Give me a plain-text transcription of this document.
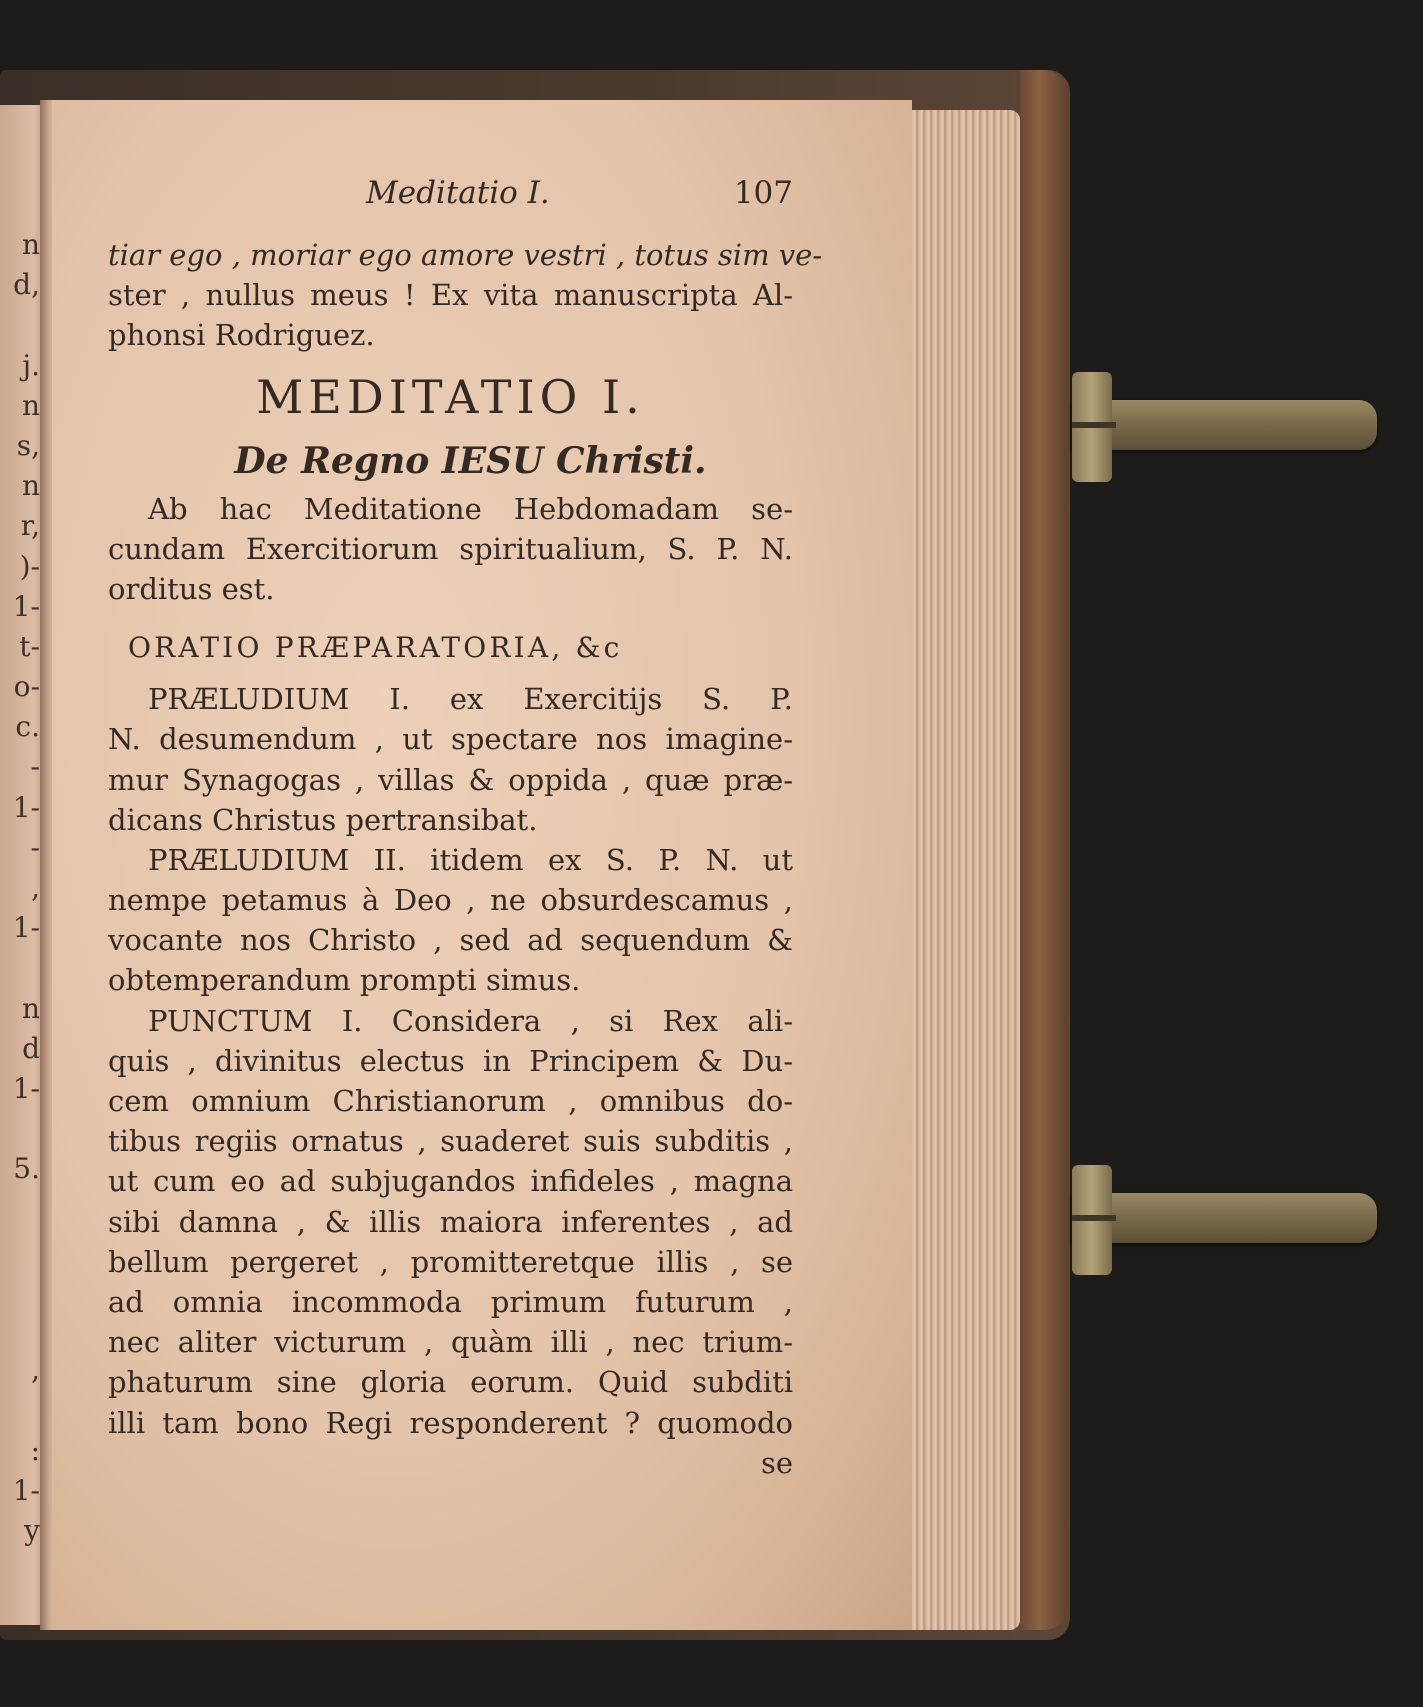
n
d,

j.
n
s,
n
r,
)-
1-
t-
o-
c.
-
1-
-
,
1-

n
d
1-

5.

,

:
1-
y
Meditatio I.	107
tiar ego , moriar ego amore vestri , totus sim ve-
ster , nullus meus ! Ex vita manuscripta Al-
phonsi Rodriguez.
MEDITATIO I.
De Regno IESU Christi.
Ab hac Meditatione Hebdomadam se-
cundam Exercitiorum spiritualium, S. P. N.
orditus est.
ORATIO PRÆPARATORIA, &c
PRÆLUDIUM I. ex Exercitijs S. P.
N. desumendum , ut spectare nos imagine-
mur Synagogas , villas & oppida , quæ præ-
dicans Christus pertransibat.
PRÆLUDIUM II. itidem ex S. P. N. ut
nempe petamus à Deo , ne obsurdescamus ,
vocante nos Christo , sed ad sequendum &
obtemperandum prompti simus.
PUNCTUM I. Considera , si Rex ali-
quis , divinitus electus in Principem & Du-
cem omnium Christianorum , omnibus do-
tibus regiis ornatus , suaderet suis subditis ,
ut cum eo ad subjugandos infideles , magna
sibi damna , & illis maiora inferentes , ad
bellum pergeret , promitteretque illis , se
ad omnia incommoda primum futurum ,
nec aliter victurum , quàm illi , nec trium-
phaturum sine gloria eorum. Quid subditi
illi tam bono Regi responderent ? quomodo
se
